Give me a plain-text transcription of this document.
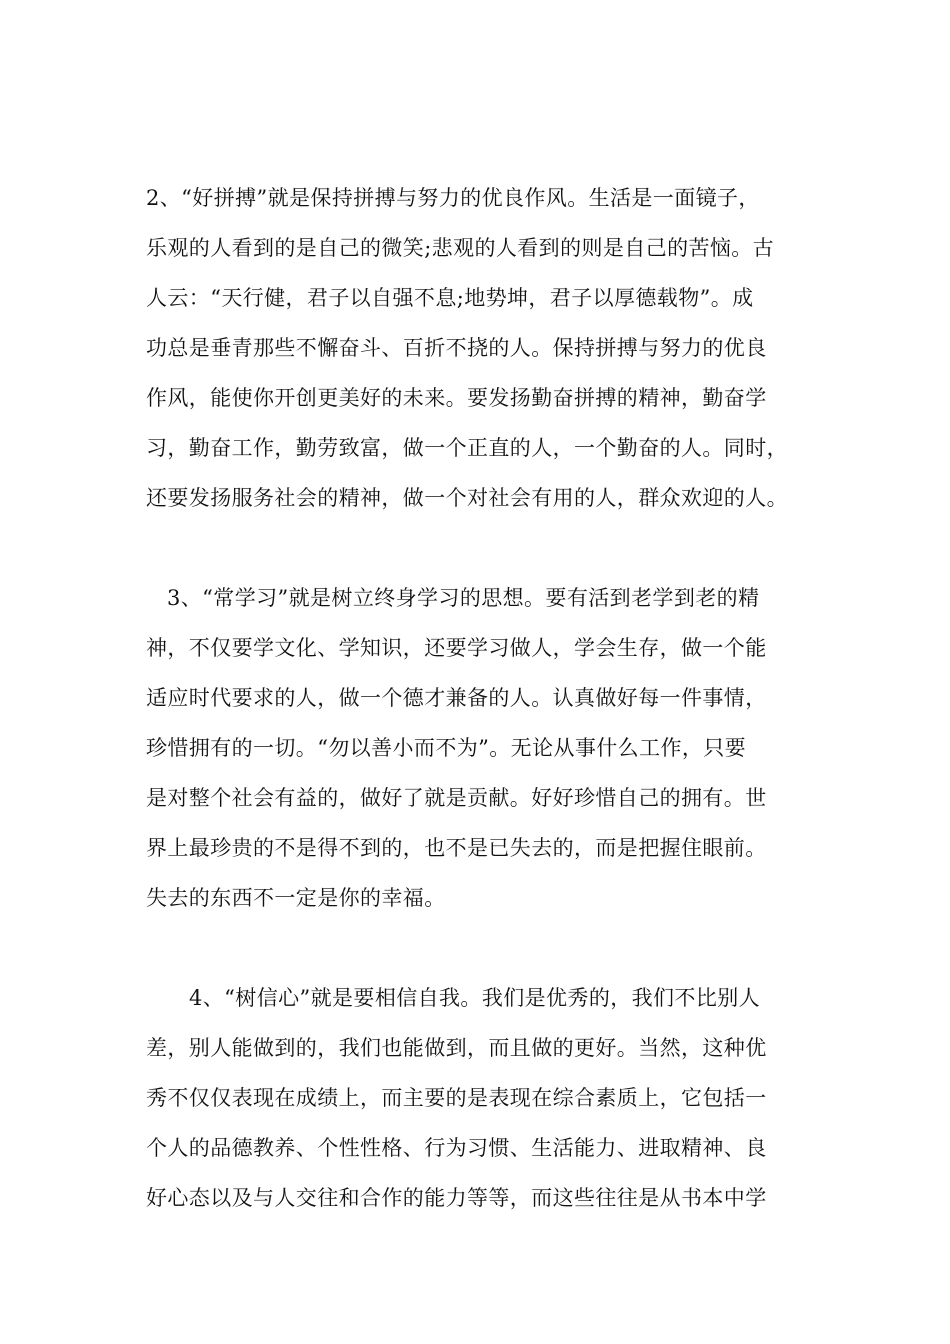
2、“好拼搏”就是保持拼搏与努力的优良作风。生活是一面镜子，
乐观的人看到的是自己的微笑;悲观的人看到的则是自己的苦恼。古
人云：“天行健，君子以自强不息;地势坤，君子以厚德载物”。成
功总是垂青那些不懈奋斗、百折不挠的人。保持拼搏与努力的优良
作风，能使你开创更美好的未来。要发扬勤奋拼搏的精神，勤奋学
习，勤奋工作，勤劳致富，做一个正直的人，一个勤奋的人。同时，
还要发扬服务社会的精神，做一个对社会有用的人，群众欢迎的人。
3、“常学习”就是树立终身学习的思想。要有活到老学到老的精
神，不仅要学文化、学知识，还要学习做人，学会生存，做一个能
适应时代要求的人，做一个德才兼备的人。认真做好每一件事情，
珍惜拥有的一切。“勿以善小而不为”。无论从事什么工作，只要
是对整个社会有益的，做好了就是贡献。好好珍惜自己的拥有。世
界上最珍贵的不是得不到的，也不是已失去的，而是把握住眼前。
失去的东西不一定是你的幸福。
4、“树信心”就是要相信自我。我们是优秀的，我们不比别人
差，别人能做到的，我们也能做到，而且做的更好。当然，这种优
秀不仅仅表现在成绩上，而主要的是表现在综合素质上，它包括一
个人的品德教养、个性性格、行为习惯、生活能力、进取精神、良
好心态以及与人交往和合作的能力等等，而这些往往是从书本中学
